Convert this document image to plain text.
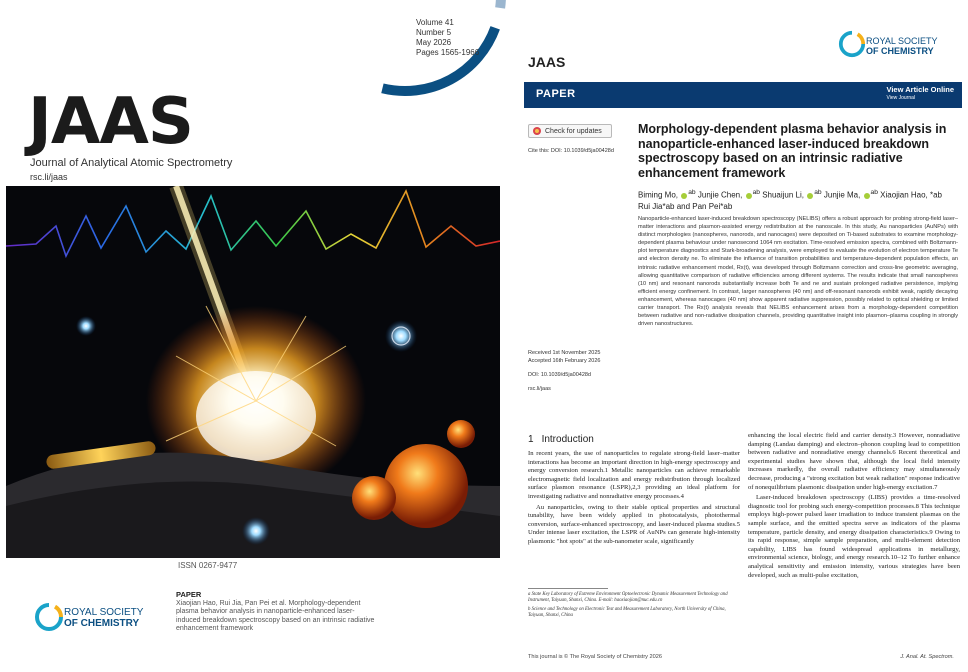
Volume 41
Number 5
May 2026
Pages 1565-1966
JAAS
Journal of Analytical Atomic Spectrometry
rsc.li/jaas
ISSN 0267-9477
ROYAL SOCIETY
OF CHEMISTRY
PAPER
Xiaojian Hao, Rui Jia, Pan Pei et al. Morphology-dependent plasma behavior analysis in nanoparticle-enhanced laser-induced breakdown spectroscopy based on an intrinsic radiative enhancement framework
JAAS
ROYAL SOCIETY
OF CHEMISTRY
PAPER	View Article Online
View Journal
Check for updates
Cite this: DOI: 10.1039/d5ja00428d
Morphology-dependent plasma behavior analysis in nanoparticle-enhanced laser-induced breakdown spectroscopy based on an intrinsic radiative enhancement framework
Biming Mo, $^{ab}$ Junjie Chen, $^{ab}$ Shuaijun Li, $^{ab}$ Junjie Ma, $^{ab}$ Xiaojian Hao, *ab
Rui Jia*ab and Pan Pei*ab
Nanoparticle-enhanced laser-induced breakdown spectroscopy (NELIBS) offers a robust approach for probing strong-field laser–matter interactions and plasmon-assisted energy redistribution at the nanoscale. In this study, Au nanoparticles (AuNPs) with distinct morphologies (nanospheres, nanorods, and nanocages) were deposited on Ti-based substrates to examine morphology-dependent plasma behaviour under nanosecond 1064 nm excitation. Time-resolved emission spectra, combined with Boltzmann-plot temperature diagnostics and Stark-broadening analysis, were employed to evaluate the evolution of electron temperature Te and electron density ne. To eliminate the influence of transition probabilities and temperature-dependent population effects, an intrinsic radiative enhancement model, Rx(t), was developed through Boltzmann correction and cross-line geometric averaging, allowing quantitative comparison of radiative efficiencies among different systems. The results indicate that small nanospheres (10 nm) and resonant nanorods substantially increase both Te and ne and sustain prolonged radiative persistence, implying efficient energy confinement. In contrast, larger nanospheres (40 nm) and off-resonant nanorods exhibit weak, rapidly decaying enhancement, whereas nanocages (40 nm) show apparent radiative suppression, possibly related to optical shielding or limited carrier transport. The Rx(t) analysis reveals that NELIBS enhancement arises from a morphology-dependent competition between radiative and non-radiative dissipation channels, providing quantitative insight into plasmon–plasma coupling in strongly driven nanostructures.
Received 1st November 2025
Accepted 16th February 2026
DOI: 10.1039/d5ja00428d
rsc.li/jaas
1 Introduction

In recent years, the use of nanoparticles to regulate strong-field laser–matter interactions has become an important direction in high-energy spectroscopy and energy conversion research.1 Metallic nanoparticles can achieve remarkable electromagnetic field localization and energy redistribution through localized surface plasmon resonance (LSPR),2,3 providing an ideal platform for investigating radiative and nonradiative energy processes.4

Au nanoparticles, owing to their stable optical properties and structural tunability, have been widely applied in photocatalysis, photothermal conversion, surface-enhanced spectroscopy, and laser-induced plasma studies.5 Under intense laser excitation, the LSPR of AuNPs can generate high-intensity plasmonic "hot spots" at the sub-nanometer scale, significantly

enhancing the local electric field and carrier density.3 However, nonradiative damping (Landau damping) and electron–phonon coupling lead to competition between radiative and nonradiative energy channels.6 Recent theoretical and experimental studies have shown that, although the local field intensity increases markedly, the overall radiative efficiency may simultaneously decrease, producing a "strong excitation but weak radiation" response indicative of nonequilibrium plasmonic dissipation under high-energy excitation.7

Laser-induced breakdown spectroscopy (LIBS) provides a time-resolved diagnostic tool for probing such energy-competition processes.8 This technique employs high-power pulsed laser irradiation to induce transient plasmas on the sample surface, and the emitted spectra serve as indicators of the plasma temperature, particle density, and energy dissipation characteristics.9 Owing to its rapid response, simple sample preparation, and multi-element detection capability, LIBS has found widespread applications in metallurgy, environmental science, biology, and energy research.10–12 To further enhance analytical sensitivity and emission intensity, various strategies have been developed, such as multi-pulse excitation,

a State Key Laboratory of Extreme Environment Optoelectronic Dynamic Measurement Technology and Instrument, Taiyuan, Shanxi, China. E-mail: haoxiaojian@nuc.edu.cn
b Science and Technology on Electronic Test and Measurement Laboratory, North University of China, Taiyuan, Shanxi, China
This journal is © The Royal Society of Chemistry 2026	J. Anal. At. Spectrom.
